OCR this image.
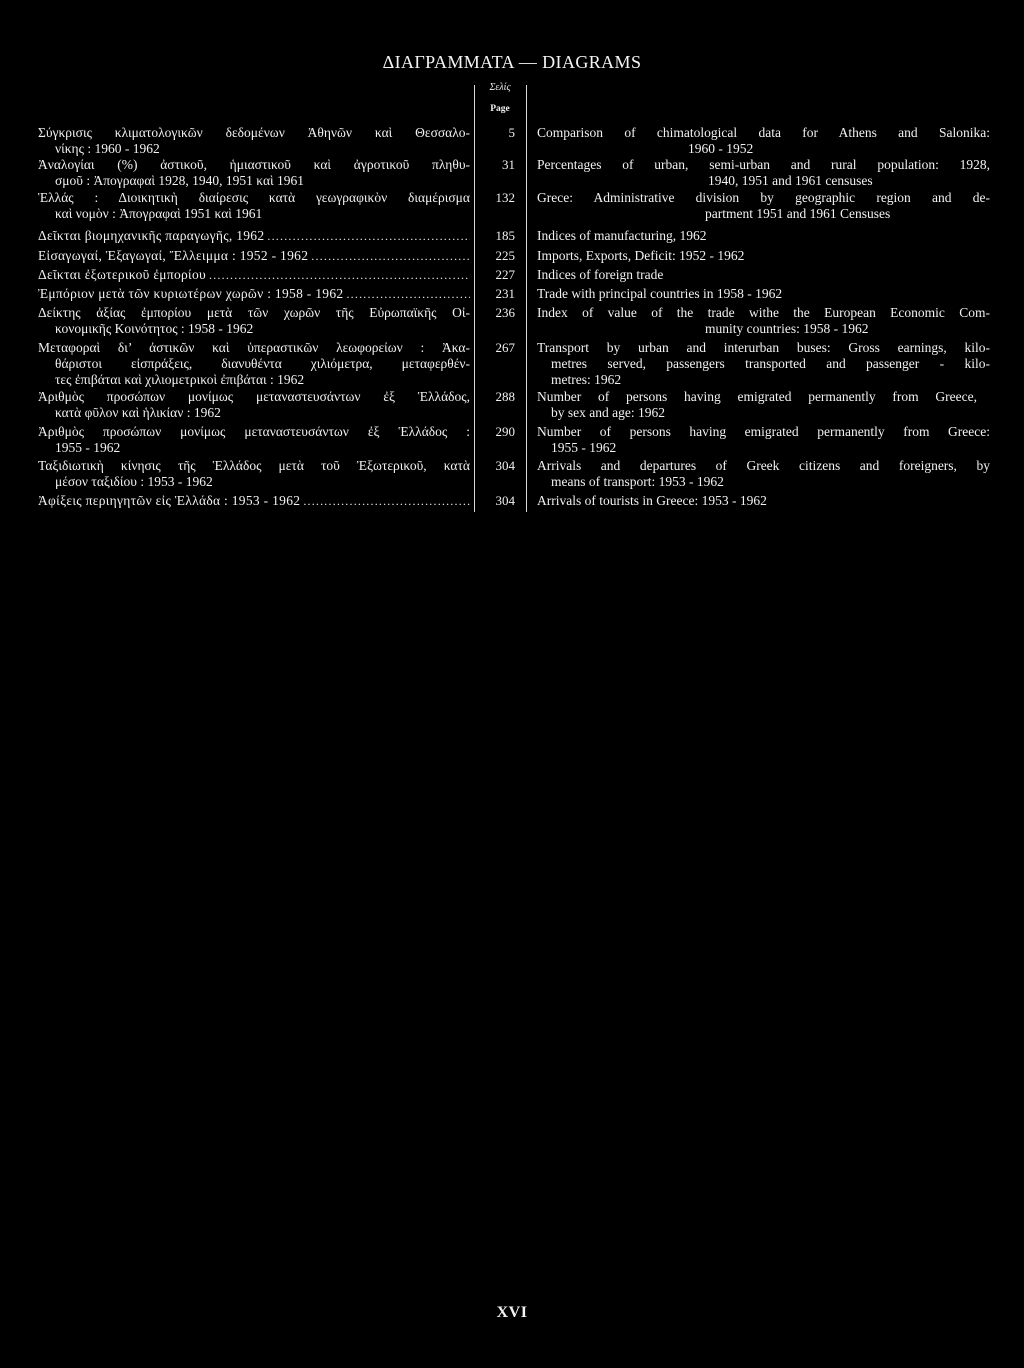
ΔΙΑΓΡΑΜΜΑΤΑ — DIAGRAMS
Σελίς
Page
Σύγκρισις κλιματολογικῶν δεδομένων Ἀθηνῶν καὶ Θεσσαλο-
νίκης : 1960 - 1962
5 Comparison of chimatological data for Athens and Salonika:
1960 - 1952
Ἀναλογίαι (%) ἀστικοῦ, ἡμιαστικοῦ καὶ ἀγροτικοῦ πληθυ-
σμοῦ : Ἀπογραφαὶ 1928, 1940, 1951 καὶ 1961
31 Percentages of urban, semi-urban and rural population: 1928,
1940, 1951 and 1961 censuses
Ἑλλάς : Διοικητικὴ διαίρεσις κατὰ γεωγραφικὸν διαμέρισμα
καὶ νομὸν : Ἀπογραφαὶ 1951 καὶ 1961
132 Grece: Administrative division by geographic region and de-
partment 1951 and 1961 Censuses
Δεῖκται βιομηχανικῆς παραγωγῆς, 1962 .....	185 Indices of manufacturing, 1962
Εἰσαγωγαί, Ἐξαγωγαί, Ἔλλειμμα : 1952 - 1962 .....	225 Imports, Exports, Deficit: 1952 - 1962
Δεῖκται ἐξωτερικοῦ ἐμπορίου .....	227 Indices of foreign trade
Ἐμπόριον μετὰ τῶν κυριωτέρων χωρῶν : 1958 - 1962 .....	231 Trade with principal countries in 1958 - 1962
Δείκτης ἀξίας ἐμπορίου μετὰ τῶν χωρῶν τῆς Εὐρωπαϊκῆς Οἰ-
κονομικῆς Κοινότητος : 1958 - 1962
236 Index of value of the trade withe the European Economic Com-
munity countries: 1958 - 1962
Μεταφοραὶ δι’ ἀστικῶν καὶ ὑπεραστικῶν λεωφορείων : Ἀκα-
θάριστοι εἰσπράξεις, διανυθέντα χιλιόμετρα, μεταφερθέν-
τες ἐπιβάται καὶ χιλιομετρικοὶ ἐπιβάται : 1962
267 Transport by urban and interurban buses: Gross earnings, kilo-
metres served, passengers transported and passenger - kilo-
metres: 1962
Ἀριθμὸς προσώπων μονίμως μεταναστευσάντων ἐξ Ἑλλάδος,
κατὰ φῦλον καὶ ἡλικίαν : 1962
288 Number of persons having emigrated permanently from Greece,
by sex and age: 1962
Ἀριθμὸς προσώπων μονίμως μεταναστευσάντων ἐξ Ἑλλάδος :
1955 - 1962
290 Number of persons having emigrated permanently from Greece:
1955 - 1962
Ταξιδιωτικὴ κίνησις τῆς Ἑλλάδος μετὰ τοῦ Ἐξωτερικοῦ, κατὰ
μέσον ταξιδίου : 1953 - 1962
304 Arrivals and departures of Greek citizens and foreigners, by
means of transport: 1953 - 1962
Ἀφίξεις περιηγητῶν εἰς Ἑλλάδα : 1953 - 1962 .....	304 Arrivals of tourists in Greece: 1953 - 1962
XVI
